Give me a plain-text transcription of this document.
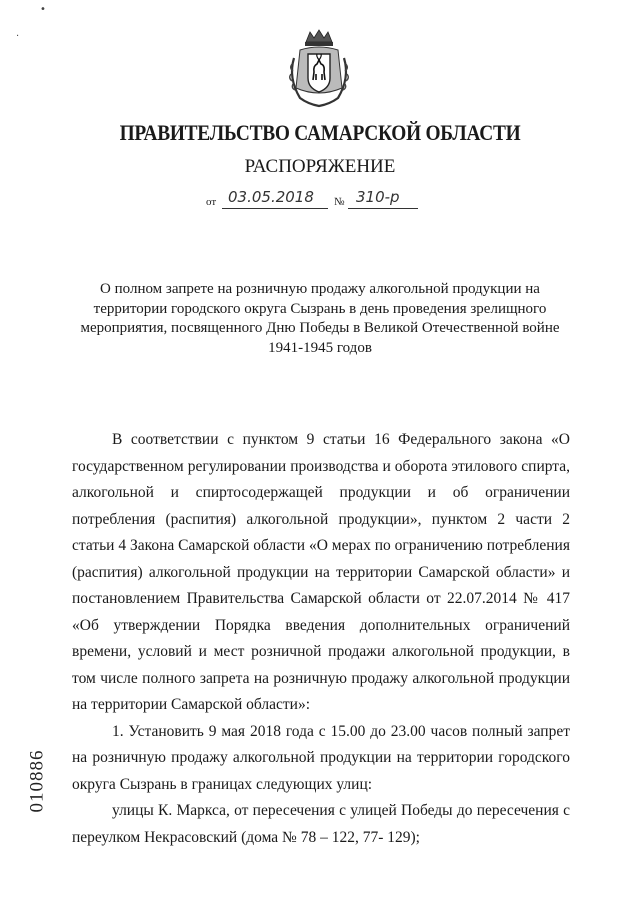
•
.
ПРАВИТЕЛЬСТВО САМАРСКОЙ ОБЛАСТИ
РАСПОРЯЖЕНИЕ
от 03.05.2018 № 310-р
О полном запрете на розничную продажу алкогольной продукции на территории городского округа Сызрань в день проведения зрелищного мероприятия, посвященного Дню Победы в Великой Отечественной войне 1941-1945 годов

В соответствии с пунктом 9 статьи 16 Федерального закона «О государственном регулировании производства и оборота этилового спирта, алкогольной и спиртосодержащей продукции и об ограничении потребления (распития) алкогольной продукции», пунктом 2 части 2 статьи 4 Закона Самарской области «О мерах по ограничению потребления (распития) алкогольной продукции на территории Самарской области» и постановлением Правительства Самарской области от 22.07.2014 № 417 «Об утверждении Порядка введения дополнительных ограничений времени, условий и мест розничной продажи алкогольной продукции, в том числе полного запрета на розничную продажу алкогольной продукции на территории Самарской области»:

1. Установить 9 мая 2018 года с 15.00 до 23.00 часов полный запрет на розничную продажу алкогольной продукции на территории городского округа Сызрань в границах следующих улиц:

улицы К. Маркса, от пересечения с улицей Победы до пересечения с переулком Некрасовский (дома № 78 – 122, 77- 129);

010886
